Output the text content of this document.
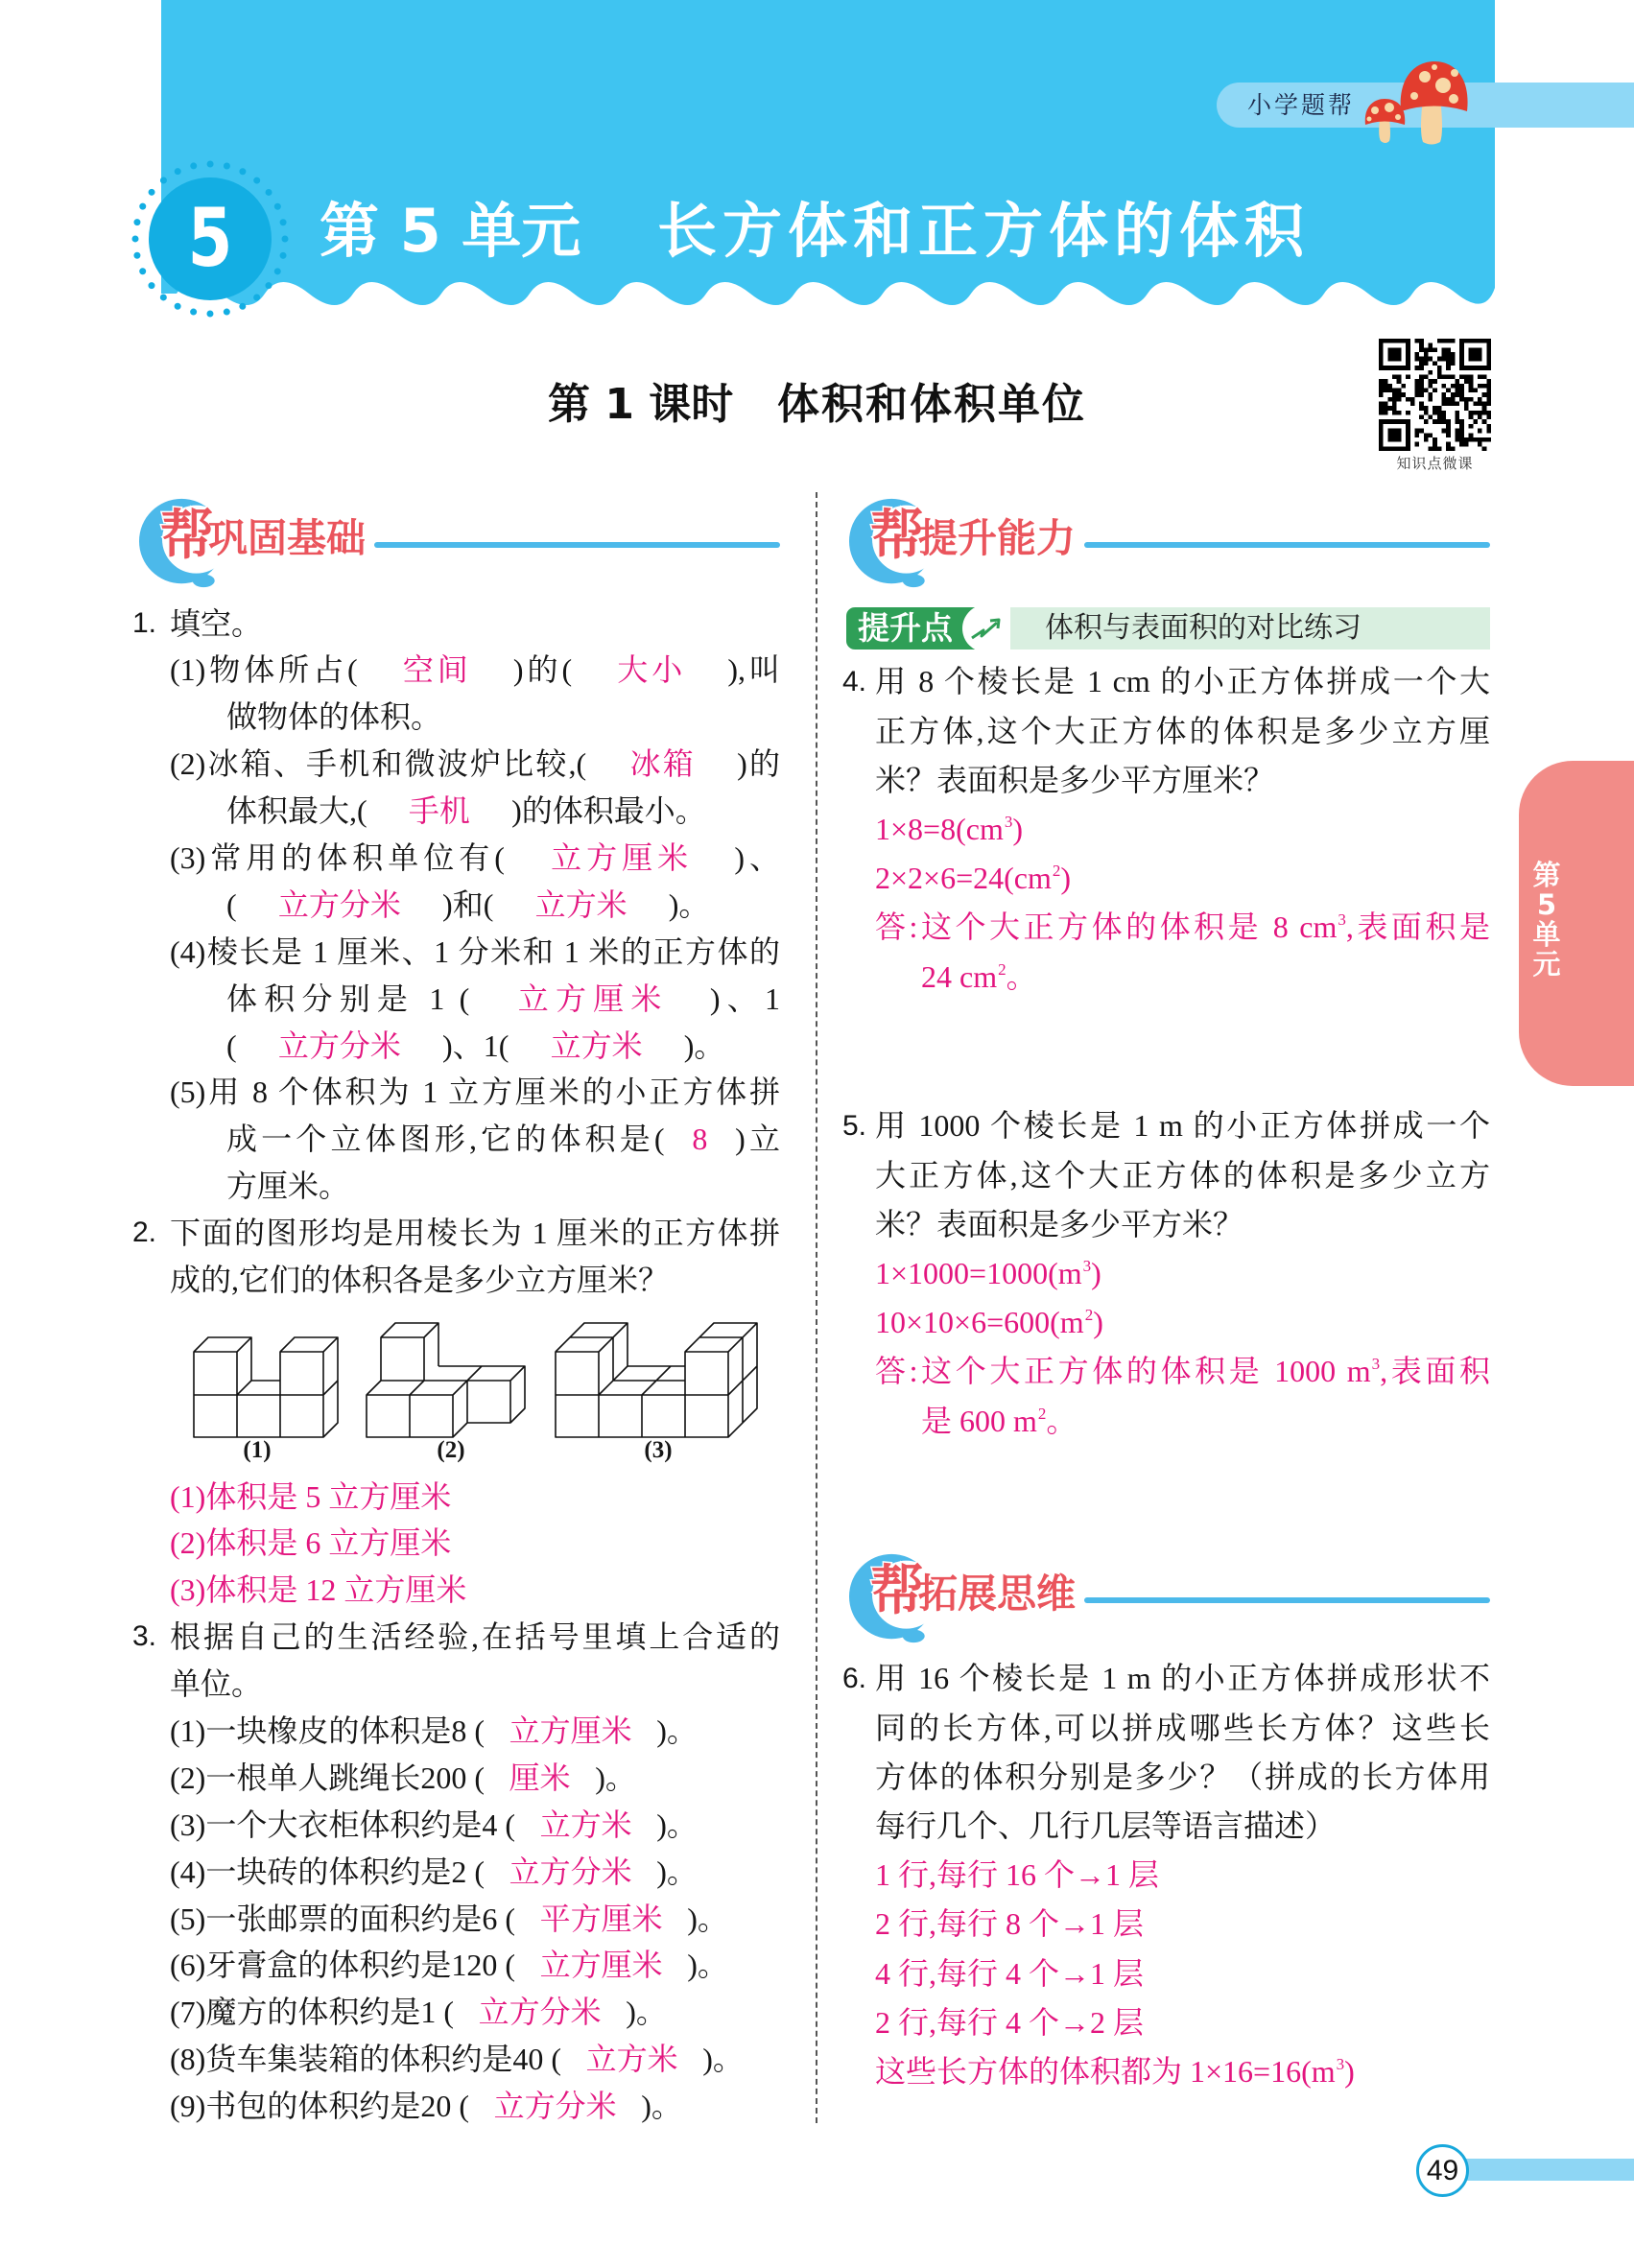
小学题帮
5 第 5 单元 长方体和正方体的体积
第 1 课时 体积和体积单位
知识点微课
帮
巩固基础	帮
提升能力
帮
拓展思维
提升点	体积与表面积的对比练习
1. 填空。
(1)物体所占( 空间 )的( 大小 ),叫
做物体的体积。
(2)冰箱、手机和微波炉比较,( 冰箱 )的
体积最大,( 手机 )的体积最小。
(3)常用的体积单位有( 立方厘米 )、
( 立方分米 )和( 立方米 )。
(4)棱长是 1 厘米、1 分米和 1 米的正方体的
体积分别是 1 ( 立方厘米 )、1
( 立方分米 )、1( 立方米 )。
(5)用 8 个体积为 1 立方厘米的小正方体拼
成一个立体图形,它的体积是( 8 )立
方厘米。
2. 下面的图形均是用棱长为 1 厘米的正方体拼
成的,它们的体积各是多少立方厘米？
(1)	(2)	(3)
(1)体积是 5 立方厘米
(2)体积是 6 立方厘米
(3)体积是 12 立方厘米
3. 根据自己的生活经验,在括号里填上合适的
单位。
(1)一块橡皮的体积是8 ( 立方厘米 )。
(2)一根单人跳绳长200 ( 厘米 )。
(3)一个大衣柜体积约是4 ( 立方米 )。
(4)一块砖的体积约是2 ( 立方分米 )。
(5)一张邮票的面积约是6 ( 平方厘米 )。
(6)牙膏盒的体积约是120 ( 立方厘米 )。
(7)魔方的体积约是1 ( 立方分米 )。
(8)货车集装箱的体积约是40 ( 立方米 )。
(9)书包的体积约是20 ( 立方分米 )。
4. 用 8 个棱长是 1 cm 的小正方体拼成一个大
正方体,这个大正方体的体积是多少立方厘
米？表面积是多少平方厘米？
$1\times 8=8(cm^3)$
$2\times 2\times 6=24(cm^2)$
答:这个大正方体的体积是 8 $cm^3$,表面积是
24 $cm^2$。
5. 用 1000 个棱长是 1 m 的小正方体拼成一个
大正方体,这个大正方体的体积是多少立方
米？表面积是多少平方米？
$1\times 1000=1000(m^3)$
$10\times 10\times 6=600(m^2)$
答:这个大正方体的体积是 1000 $m^3$,表面积
是 600 $m^2$。
6. 用 16 个棱长是 1 m 的小正方体拼成形状不
同的长方体,可以拼成哪些长方体？这些长
方体的体积分别是多少？（拼成的长方体用
每行几个、几行几层等语言描述）
1 行,每行 16 个→1 层
2 行,每行 8 个→1 层
4 行,每行 4 个→1 层
2 行,每行 4 个→2 层
这些长方体的体积都为 $1\times 16=16(m^3)$
第
5
单
元
49
